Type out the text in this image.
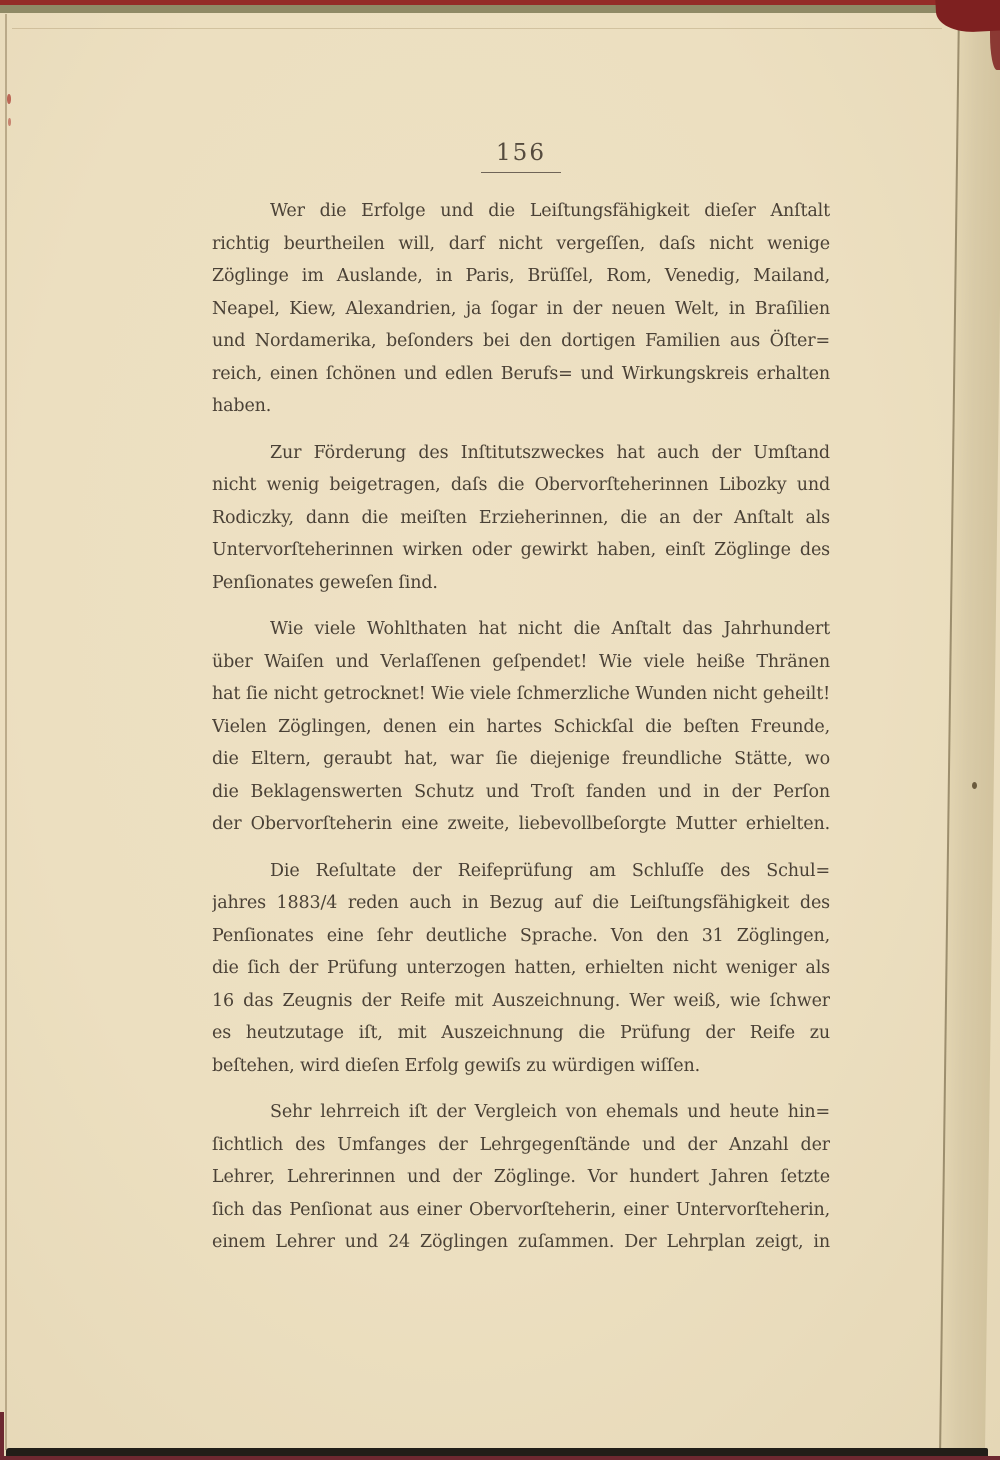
156
Wer die Erfolge und die Leiſtungsfähigkeit dieſer Anſtalt
richtig beurtheilen will, darf nicht vergeſſen, daſs nicht wenige
Zöglinge im Auslande, in Paris, Brüſſel, Rom, Venedig, Mailand,
Neapel, Kiew, Alexandrien, ja ſogar in der neuen Welt, in Braſilien
und Nordamerika, beſonders bei den dortigen Familien aus Öſter=
reich, einen ſchönen und edlen Berufs= und Wirkungskreis erhalten
haben.
Zur Förderung des Inſtitutszweckes hat auch der Umſtand
nicht wenig beigetragen, daſs die Obervorſteherinnen Libozky und
Rodiczky, dann die meiſten Erzieherinnen, die an der Anſtalt als
Untervorſteherinnen wirken oder gewirkt haben, einſt Zöglinge des
Penſionates geweſen ſind.
Wie viele Wohlthaten hat nicht die Anſtalt das Jahrhundert
über Waiſen und Verlaſſenen geſpendet! Wie viele heiße Thränen
hat ſie nicht getrocknet! Wie viele ſchmerzliche Wunden nicht geheilt!
Vielen Zöglingen, denen ein hartes Schickſal die beſten Freunde,
die Eltern, geraubt hat, war ſie diejenige freundliche Stätte, wo
die Beklagenswerten Schutz und Troſt fanden und in der Perſon
der Obervorſteherin eine zweite, liebevollbeſorgte Mutter erhielten.
Die Reſultate der Reifeprüfung am Schluſſe des Schul=
jahres 1883/4 reden auch in Bezug auf die Leiſtungsfähigkeit des
Penſionates eine ſehr deutliche Sprache. Von den 31 Zöglingen,
die ſich der Prüfung unterzogen hatten, erhielten nicht weniger als
16 das Zeugnis der Reife mit Auszeichnung. Wer weiß, wie ſchwer
es heutzutage iſt, mit Auszeichnung die Prüfung der Reife zu
beſtehen, wird dieſen Erfolg gewiſs zu würdigen wiſſen.
Sehr lehrreich iſt der Vergleich von ehemals und heute hin=
ſichtlich des Umfanges der Lehrgegenſtände und der Anzahl der
Lehrer, Lehrerinnen und der Zöglinge. Vor hundert Jahren ſetzte
ſich das Penſionat aus einer Obervorſteherin, einer Untervorſteherin,
einem Lehrer und 24 Zöglingen zuſammen. Der Lehrplan zeigt, in
